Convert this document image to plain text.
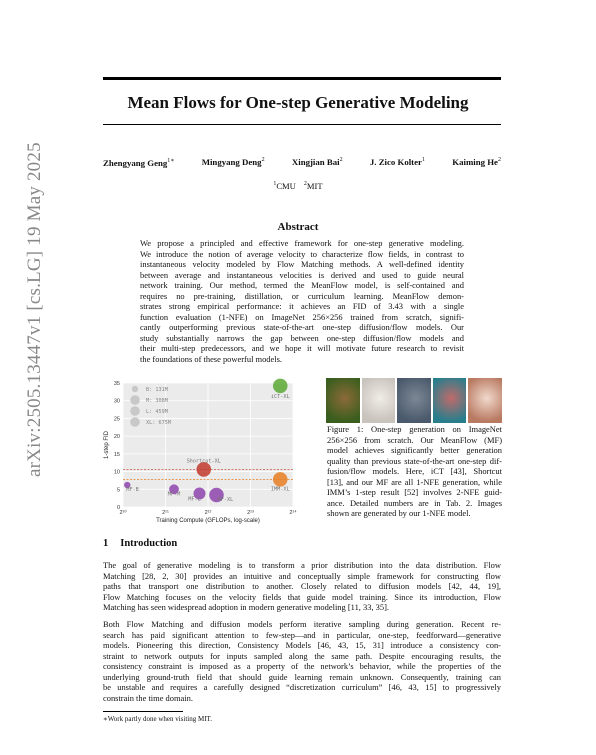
Mean Flows for One-step Generative Modeling
Zhengyang Geng$^{1∗}$	Mingyang Deng$^2$	Xingjian Bai$^2$	J. Zico Kolter$^1$	Kaiming He$^2$
$^1$CMU $^2$MIT
arXiv:2505.13447v1 [cs.LG] 19 May 2025	Abstract
We propose a principled and effective framework for one-step generative modeling.
We introduce the notion of average velocity to characterize flow fields, in contrast to
instantaneous velocity modeled by Flow Matching methods. A well-defined identity
between average and instantaneous velocities is derived and used to guide neural
network training. Our method, termed the MeanFlow model, is self-contained and
requires no pre-training, distillation, or curriculum learning. MeanFlow demon-
strates strong empirical performance: it achieves an FID of 3.43 with a single
function evaluation (1-NFE) on ImageNet 256×256 trained from scratch, signifi-
cantly outperforming previous state-of-the-art one-step diffusion/flow models. Our
study substantially narrows the gap between one-step diffusion/flow models and
their multi-step predecessors, and we hope it will motivate future research to revisit
the foundations of these powerful models.
B: 131M
M: 308M
L: 459M
XL: 675M
iCT-XL
Shortcut-XL
IMM-XL
MF-B
MF-M
MF-L	MF-XL
0
5
10
15
20
25
30
35
2¹⁰	2¹¹	2¹²	2¹³	2¹⁴
Training Compute (GFLOPs, log-scale)
1-step FID
Figure 1: One-step generation on ImageNet
256×256 from scratch. Our MeanFlow (MF)
model achieves significantly better generation
quality than previous state-of-the-art one-step dif-
fusion/flow models. Here, iCT [43], Shortcut
[13], and our MF are all 1-NFE generation, while
IMM’s 1-step result [52] involves 2-NFE guid-
ance. Detailed numbers are in Tab. 2. Images
shown are generated by our 1-NFE model.
1 Introduction
The goal of generative modeling is to transform a prior distribution into the data distribution. Flow
Matching [28, 2, 30] provides an intuitive and conceptually simple framework for constructing flow
paths that transport one distribution to another. Closely related to diffusion models [42, 44, 19],
Flow Matching focuses on the velocity fields that guide model training. Since its introduction, Flow
Matching has seen widespread adoption in modern generative modeling [11, 33, 35].
Both Flow Matching and diffusion models perform iterative sampling during generation. Recent re-
search has paid significant attention to few-step—and in particular, one-step, feedforward—generative
models. Pioneering this direction, Consistency Models [46, 43, 15, 31] introduce a consistency con-
straint to network outputs for inputs sampled along the same path. Despite encouraging results, the
consistency constraint is imposed as a property of the network’s behavior, while the properties of the
underlying ground-truth field that should guide learning remain unknown. Consequently, training can
be unstable and requires a carefully designed “discretization curriculum” [46, 43, 15] to progressively
constrain the time domain.
∗Work partly done when visiting MIT.
